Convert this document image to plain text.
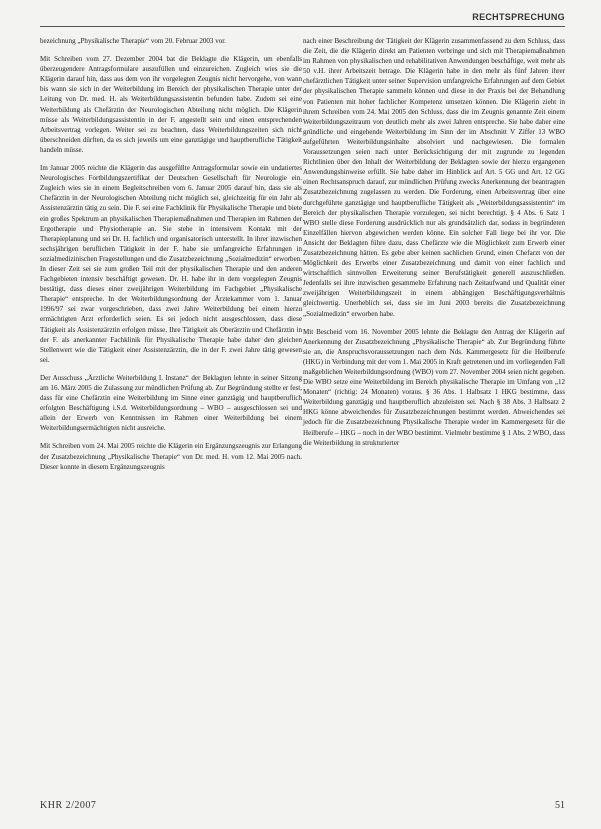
RECHTSPRECHUNG

bezeichnung „Physikalische Therapie“ vom 20. Februar 2003 vor.

Mit Schreiben vom 27. Dezember 2004 bat die Beklagte die Klägerin, um ebenfalls überzeugendere Antragsformulare auszufüllen und einzureichen. Zugleich wies sie die Klägerin darauf hin, dass aus dem von ihr vorgelegten Zeugnis nicht hervorgehe, von wann bis wann sie sich in der Weiterbildung im Bereich der physikalischen Therapie unter der Leitung von Dr. med. H. als Weiterbildungsassistentin befunden habe. Zudem sei eine Weiterbildung als Chefärztin der Neurologischen Abteilung nicht möglich. Die Klägerin müsse als Weiterbildungsassistentin in der F. angestellt sein und einen entsprechenden Arbeitsvertrag vorlegen. Weiter sei zu beachten, dass Weiterbildungszeiten sich nicht überschneiden dürften, da es sich jeweils um eine ganztägige und hauptberufliche Tätigkeit handeln müsse.

Im Januar 2005 reichte die Klägerin das ausgefüllte Antragsformular sowie ein undatiertes Neurologisches Fortbildungszertifikat der Deutschen Gesellschaft für Neurologie ein. Zugleich wies sie in einem Begleitschreiben vom 6. Januar 2005 darauf hin, dass sie als Chefärztin in der Neurologischen Abteilung nicht möglich sei, gleichzeitig für ein Jahr als Assistenzärztin tätig zu sein. Die F. sei eine Fachklinik für Physikalische Therapie und biete ein großes Spektrum an physikalischen Therapiemaßnahmen und Therapien im Rahmen der Ergotherapie und Physiotherapie an. Sie stehe in intensivem Kontakt mit der Therapieplanung und sei Dr. H. fachlich und organisatorisch unterstellt. In ihrer inzwischen sechsjährigen beruflichen Tätigkeit in der F. habe sie umfangreiche Erfahrungen in sozialmedizinischen Fragestellungen und die Zusatzbezeichnung „Sozialmedizin“ erworben. In dieser Zeit sei sie zum großen Teil mit der physikalischen Therapie und den anderen Fachgebieten intensiv beschäftigt gewesen. Dr. H. habe ihr in dem vorgelegten Zeugnis bestätigt, dass dieses einer zweijährigen Weiterbildung im Fachgebiet „Physikalische Therapie“ entspreche. In der Weiterbildungsordnung der Ärztekammer vom 1. Januar 1996/97 sei zwar vorgeschrieben, dass zwei Jahre Weiterbildung bei einem hierzu ermächtigten Arzt erforderlich seien. Es sei jedoch nicht ausgeschlossen, dass diese Tätigkeit als Assistenzärztin erfolgen müsse. Ihre Tätigkeit als Oberärztin und Chefärztin in der F. als anerkannter Fachklinik für Physikalische Therapie habe daher den gleichen Stellenwert wie die Tätigkeit einer Assistenzärztin, die in der F. zwei Jahre tätig gewesen sei.

Der Ausschuss „Ärztliche Weiterbildung I. Instanz“ der Beklagten lehnte in seiner Sitzung am 16. März 2005 die Zulassung zur mündlichen Prüfung ab. Zur Begründung stellte er fest, dass für eine Chefärztin eine Weiterbildung im Sinne einer ganztägig und hauptberuflich erfolgten Beschäftigung i.S.d. Weiterbildungsordnung – WBO – ausgeschlossen sei und allein der Erwerb von Kenntnissen im Rahmen einer Weiterbildung bei einem Weiterbildungsermächtigten nicht ausreiche.

Mit Schreiben vom 24. Mai 2005 reichte die Klägerin ein Ergänzungszeugnis zur Erlangung der Zusatzbezeichnung „Physikalische Therapie“ von Dr. med. H. vom 12. Mai 2005 nach. Dieser konnte in diesem Ergänzungszeugnis

nach einer Beschreibung der Tätigkeit der Klägerin zusammenfassend zu dem Schluss, dass die Zeit, die die Klägerin direkt am Patienten verbringe und sich mit Therapiemaßnahmen im Rahmen von physikalischen und rehabilitativen Anwendungen beschäftige, weit mehr als 50 v.H. ihrer Arbeitszeit betrage. Die Klägerin habe in den mehr als fünf Jahren ihrer chefärztlichen Tätigkeit unter seiner Supervision umfangreiche Erfahrungen auf dem Gebiet der physikalischen Therapie sammeln können und diese in der Praxis bei der Behandlung von Patienten mit hoher fachlicher Kompetenz umsetzen können. Die Klägerin zieht in ihrem Schreiben vom 24. Mai 2005 den Schluss, dass die im Zeugnis genannte Zeit einem Weiterbildungszeitraum von deutlich mehr als zwei Jahren entspreche. Sie habe daher eine gründliche und eingehende Weiterbildung im Sinn der im Abschnitt V Ziffer 13 WBO aufgeführten Weiterbildungsinhalte absolviert und nachgewiesen. Die formalen Voraussetzungen seien nach unter Berücksichtigung der mit zugrunde zu legenden Richtlinien über den Inhalt der Weiterbildung der Beklagten sowie der hierzu ergangenen Anwendungshinweise erfüllt. Sie habe daher im Hinblick auf Art. 5 GG und Art. 12 GG einen Rechtsanspruch darauf, zur mündlichen Prüfung zwecks Anerkennung der beantragten Zusatzbezeichnung zugelassen zu werden. Die Forderung, einen Arbeitsvertrag über eine durchgeführte ganztägige und hauptberufliche Tätigkeit als „Weiterbildungsassistentin“ im Bereich der physikalischen Therapie vorzulegen, sei nicht berechtigt. § 4 Abs. 6 Satz 1 WBO stelle diese Forderung ausdrücklich nur als grundsätzlich dar, sodass in begründeten Einzelfällen hiervon abgewichen werden könne. Ein solcher Fall liege bei ihr vor. Die Ansicht der Beklagten führe dazu, dass Chefärzte wie die Möglichkeit zum Erwerb einer Zusatzbezeichnung hätten. Es gebe aber keinen sachlichen Grund, einen Chefarzt von der Möglichkeit des Erwerbs einer Zusatzbezeichnung und damit von einer fachlich und wirtschaftlich sinnvollen Erweiterung seiner Berufstätigkeit generell auszuschließen. Jedenfalls sei ihre inzwischen gesammelte Erfahrung nach Zeitaufwand und Qualität einer zweijährigen Weiterbildungszeit in einem abhängigen Beschäftigungsverhältnis gleichwertig. Unerheblich sei, dass sie im Juni 2003 bereits die Zusatzbezeichnung „Sozialmedizin“ erworben habe.

Mit Bescheid vom 16. November 2005 lehnte die Beklagte den Antrag der Klägerin auf Anerkennung der Zusatzbezeichnung „Physikalische Therapie“ ab. Zur Begründung führte sie an, die Anspruchsvoraussetzungen nach dem Nds. Kammergesetz für die Heilberufe (HKG) in Verbindung mit der vom 1. Mai 2005 in Kraft getretenen und im vorliegenden Fall maßgeblichen Weiterbildungsordnung (WBO) vom 27. November 2004 seien nicht gegeben. Die WBO setze eine Weiterbildung im Bereich physikalische Therapie im Umfang von „12 Monaten“ (richtig: 24 Monaten) voraus. § 36 Abs. 1 Halbsatz 1 HKG bestimme, dass Weiterbildung ganztägig und hauptberuflich abzuleisten sei. Nach § 38 Abs. 3 Halbsatz 2 HKG könne abweichendes für Zusatzbezeichnungen bestimmt werden. Abweichendes sei jedoch für die Zusatzbezeichnung Physikalische Therapie weder im Kammergesetz für die Heilberufe – HKG – noch in der WBO bestimmt. Vielmehr bestimme § 1 Abs. 2 WBO, dass die Weiterbildung in strukturierter

KHR 2/2007	51
